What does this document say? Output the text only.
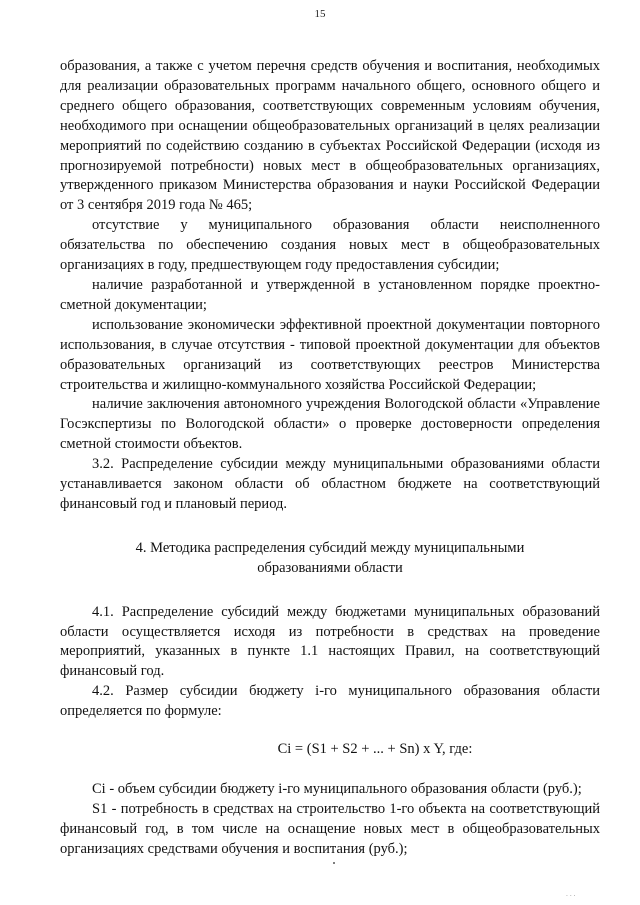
15

образования, а также с учетом перечня средств обучения и воспитания, необходимых для реализации образовательных программ начального общего, основного общего и среднего общего образования, соответствующих современным условиям обучения, необходимого при оснащении общеобразовательных организаций в целях реализации мероприятий по содействию созданию в субъектах Российской Федерации (исходя из прогнозируемой потребности) новых мест в общеобразовательных организациях, утвержденного приказом Министерства образования и науки Российской Федерации от 3 сентября 2019 года № 465;

отсутствие у муниципального образования области неисполненного обязательства по обеспечению создания новых мест в общеобразовательных организациях в году, предшествующем году предоставления субсидии;

наличие разработанной и утвержденной в установленном порядке проектно-сметной документации;

использование экономически эффективной проектной документации повторного использования, в случае отсутствия - типовой проектной документации для объектов образовательных организаций из соответствующих реестров Министерства строительства и жилищно-коммунального хозяйства Российской Федерации;

наличие заключения автономного учреждения Вологодской области «Управление Госэкспертизы по Вологодской области» о проверке достоверности определения сметной стоимости объектов.

3.2. Распределение субсидии между муниципальными образованиями области устанавливается законом области об областном бюджете на соответствующий финансовый год и плановый период.

4. Методика распределения субсидий между муниципальными
образованиями области

4.1. Распределение субсидий между бюджетами муниципальных образований области осуществляется исходя из потребности в средствах на проведение мероприятий, указанных в пункте 1.1 настоящих Правил, на соответствующий финансовый год.

4.2. Размер субсидии бюджету i-го муниципального образования области определяется по формуле:

Ci = (S1 + S2 + ... + Sn) x Y, где:

Ci - объем субсидии бюджету i-го муниципального образования области (руб.);

S1 - потребность в средствах на строительство 1-го объекта на соответствующий финансовый год, в том числе на оснащение новых мест в общеобразовательных организациях средствами обучения и воспитания (руб.);

· · ·
